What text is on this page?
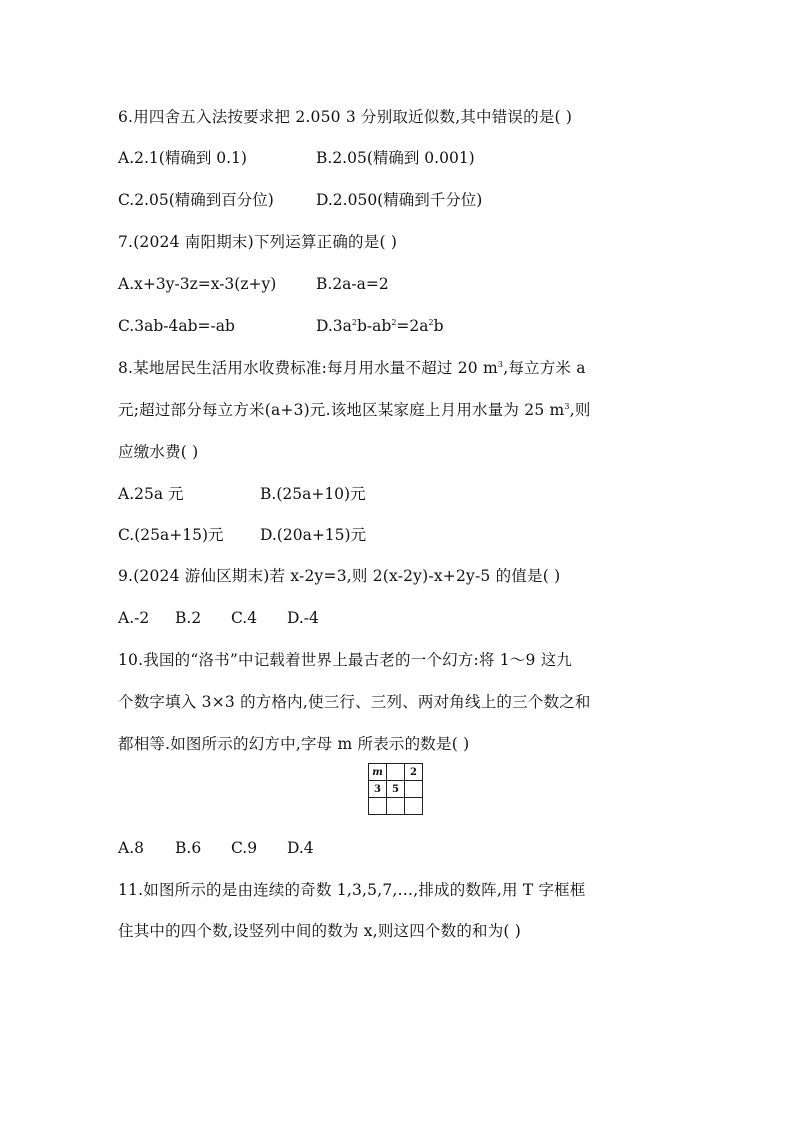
6.用四舍五入法按要求把 2.050 3 分别取近似数,其中错误的是( )
A.2.1(精确到 0.1)	B.2.05(精确到 0.001)
C.2.05(精确到百分位)	D.2.050(精确到千分位)
7.(2024 南阳期末)下列运算正确的是( )
A.x+3y-3z=x-3(z+y)	B.2a-a=2
C.3ab-4ab=-ab	$D.3a^2b-ab^2=2a^2b$
8.某地居民生活用水收费标准:每月用水量不超过 20 $m^3$,每立方米 a
元;超过部分每立方米(a+3)元.该地区某家庭上月用水量为 25 $m^3$,则
应缴水费( )
A.25a 元	B.(25a+10)元
C.(25a+15)元 D.(20a+15)元
9.(2024 游仙区期末)若 x-2y=3,则 2(x-2y)-x+2y-5 的值是( )
A.-2 B.2 C.4 D.-4
10.我国的“洛书”中记载着世界上最古老的一个幻方:将 1～9 这九
个数字填入 3×3 的方格内,使三行、三列、两对角线上的三个数之和
都相等.如图所示的幻方中,字母 m 所表示的数是( )
m		2
3	5	

A.8 B.6 C.9 D.4
11.如图所示的是由连续的奇数 1,3,5,7,…,排成的数阵,用 T 字框框
住其中的四个数,设竖列中间的数为 x,则这四个数的和为( )
